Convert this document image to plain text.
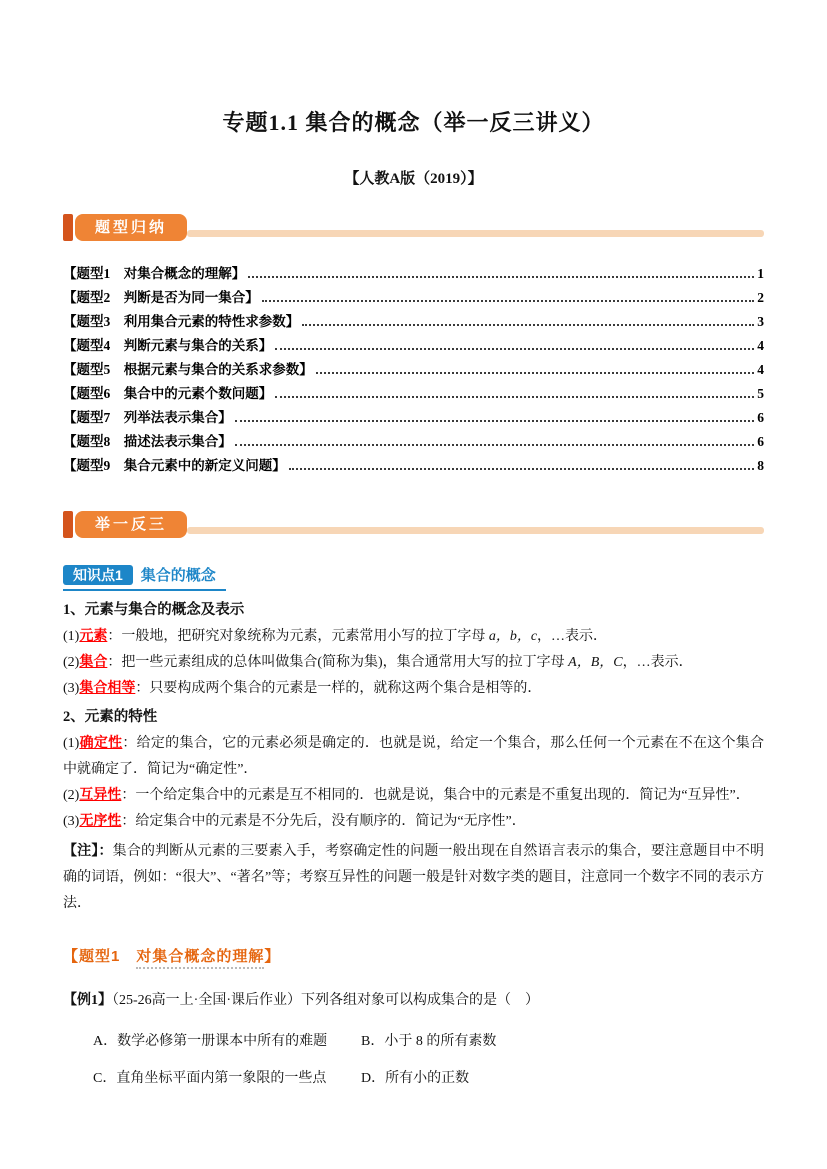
专题1.1 集合的概念（举一反三讲义）
【人教A版（2019）】
题型归纳
【题型1　对集合概念的理解】	1
【题型2　判断是否为同一集合】	2
【题型3　利用集合元素的特性求参数】	3
【题型4　判断元素与集合的关系】	4
【题型5　根据元素与集合的关系求参数】	4
【题型6　集合中的元素个数问题】	5
【题型7　列举法表示集合】	6
【题型8　描述法表示集合】	6
【题型9　集合元素中的新定义问题】	8
举一反三
知识点1 集合的概念

1、元素与集合的概念及表示

(1)元素：一般地，把研究对象统称为元素，元素常用小写的拉丁字母 a，b，c，…表示．

(2)集合：把一些元素组成的总体叫做集合(简称为集)，集合通常用大写的拉丁字母 A，B，C，…表示．

(3)集合相等：只要构成两个集合的元素是一样的，就称这两个集合是相等的．

2、元素的特性

(1)确定性：给定的集合，它的元素必须是确定的．也就是说，给定一个集合，那么任何一个元素在不在这个集合中就确定了．简记为“确定性”．

(2)互异性：一个给定集合中的元素是互不相同的．也就是说，集合中的元素是不重复出现的．简记为“互异性”．

(3)无序性：给定集合中的元素是不分先后，没有顺序的．简记为“无序性”．

【注】：集合的判断从元素的三要素入手，考察确定性的问题一般出现在自然语言表示的集合，要注意题目中不明确的词语，例如：“很大”、“著名”等；考察互异性的问题一般是针对数字类的题目，注意同一个数字不同的表示方法．

【题型1　对集合概念的理解】

【例1】（25-26高一上·全国·课后作业）下列各组对象可以构成集合的是（　）

A．数学必修第一册课本中所有的难题	B．小于 8 的所有素数
C．直角坐标平面内第一象限的一些点	D．所有小的正数
